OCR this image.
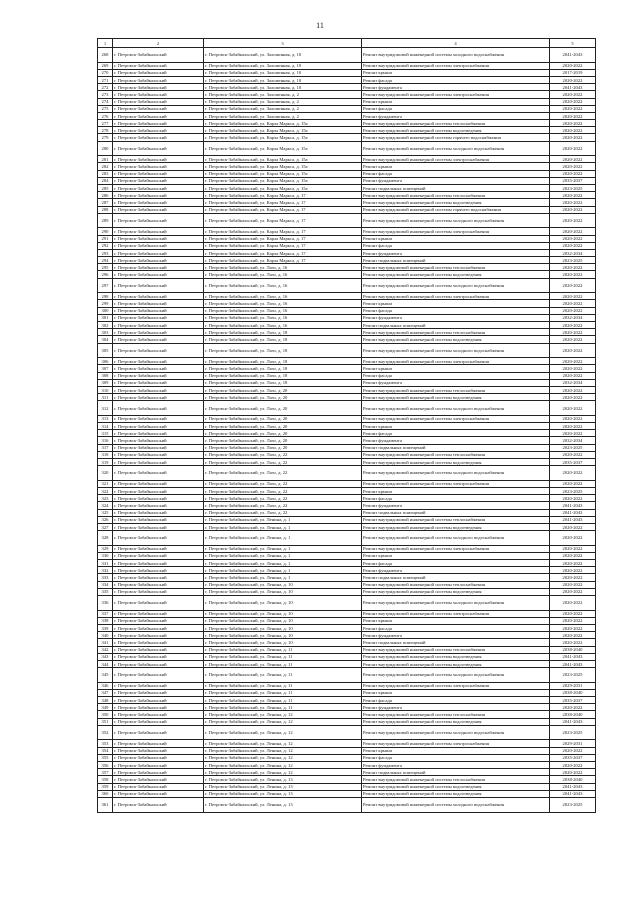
11
1	2	3	4	5
268	г. Петровск-Забайкальский	г. Петровск-Забайкальский, ул. Заложенная, д. 10	Ремонт внутридомовой инженерной системы холодного водоснабжения	2041-2043
269	г. Петровск-Забайкальский	г. Петровск-Забайкальский, ул. Заложенная, д. 10	Ремонт внутридомовой инженерной системы электроснабжения	2020-2022
270	г. Петровск-Забайкальский	г. Петровск-Забайкальский, ул. Заложенная, д. 10	Ремонт крыши	2017-2019
271	г. Петровск-Забайкальский	г. Петровск-Забайкальский, ул. Заложенная, д. 10	Ремонт фасада	2020-2022
272	г. Петровск-Забайкальский	г. Петровск-Забайкальский, ул. Заложенная, д. 10	Ремонт фундамента	2041-2043
273	г. Петровск-Забайкальский	г. Петровск-Забайкальский, ул. Заложенная, д. 2	Ремонт внутридомовой инженерной системы электроснабжения	2020-2022
274	г. Петровск-Забайкальский	г. Петровск-Забайкальский, ул. Заложенная, д. 2	Ремонт крыши	2020-2022
275	г. Петровск-Забайкальский	г. Петровск-Забайкальский, ул. Заложенная, д. 2	Ремонт фасада	2020-2022
276	г. Петровск-Забайкальский	г. Петровск-Забайкальский, ул. Заложенная, д. 2	Ремонт фундамента	2020-2022
277	г. Петровск-Забайкальский	г. Петровск-Забайкальский, ул. Карла Маркса, д. 15а	Ремонт внутридомовой инженерной системы теплоснабжения	2020-2022
278	г. Петровск-Забайкальский	г. Петровск-Забайкальский, ул. Карла Маркса, д. 15а	Ремонт внутридомовой инженерной системы водоотведения	2020-2022
279	г. Петровск-Забайкальский	г. Петровск-Забайкальский, ул. Карла Маркса, д. 15а	Ремонт внутридомовой инженерной системы горячего водоснабжения	2020-2022
280	г. Петровск-Забайкальский	г. Петровск-Забайкальский, ул. Карла Маркса, д. 15а	Ремонт внутридомовой инженерной системы холодного водоснабжения	2020-2022
281	г. Петровск-Забайкальский	г. Петровск-Забайкальский, ул. Карла Маркса, д. 15а	Ремонт внутридомовой инженерной системы электроснабжения	2020-2022
282	г. Петровск-Забайкальский	г. Петровск-Забайкальский, ул. Карла Маркса, д. 15а	Ремонт крыши	2020-2022
283	г. Петровск-Забайкальский	г. Петровск-Забайкальский, ул. Карла Маркса, д. 15а	Ремонт фасада	2020-2022
284	г. Петровск-Забайкальский	г. Петровск-Забайкальский, ул. Карла Маркса, д. 15а	Ремонт фундамента	2035-2037
285	г. Петровск-Забайкальский	г. Петровск-Забайкальский, ул. Карла Маркса, д. 15а	Ремонт подвальных помещений	2023-2025
286	г. Петровск-Забайкальский	г. Петровск-Забайкальский, ул. Карла Маркса, д. 17	Ремонт внутридомовой инженерной системы теплоснабжения	2020-2022
287	г. Петровск-Забайкальский	г. Петровск-Забайкальский, ул. Карла Маркса, д. 17	Ремонт внутридомовой инженерной системы водоотведения	2020-2022
288	г. Петровск-Забайкальский	г. Петровск-Забайкальский, ул. Карла Маркса, д. 17	Ремонт внутридомовой инженерной системы горячего водоснабжения	2020-2022
289	г. Петровск-Забайкальский	г. Петровск-Забайкальский, ул. Карла Маркса, д. 17	Ремонт внутридомовой инженерной системы холодного водоснабжения	2020-2022
290	г. Петровск-Забайкальский	г. Петровск-Забайкальский, ул. Карла Маркса, д. 17	Ремонт внутридомовой инженерной системы электроснабжения	2020-2022
291	г. Петровск-Забайкальский	г. Петровск-Забайкальский, ул. Карла Маркса, д. 17	Ремонт крыши	2020-2022
292	г. Петровск-Забайкальский	г. Петровск-Забайкальский, ул. Карла Маркса, д. 17	Ремонт фасада	2020-2022
293	г. Петровск-Забайкальский	г. Петровск-Забайкальский, ул. Карла Маркса, д. 17	Ремонт фундамента	2032-2034
294	г. Петровск-Забайкальский	г. Петровск-Забайкальский, ул. Карла Маркса, д. 17	Ремонт подвальных помещений	2023-2025
295	г. Петровск-Забайкальский	г. Петровск-Забайкальский, ул. Лазо, д. 16	Ремонт внутридомовой инженерной системы теплоснабжения	2020-2022
296	г. Петровск-Забайкальский	г. Петровск-Забайкальский, ул. Лазо, д. 16	Ремонт внутридомовой инженерной системы водоотведения	2020-2022
297	г. Петровск-Забайкальский	г. Петровск-Забайкальский, ул. Лазо, д. 16	Ремонт внутридомовой инженерной системы холодного водоснабжения	2020-2022
298	г. Петровск-Забайкальский	г. Петровск-Забайкальский, ул. Лазо, д. 16	Ремонт внутридомовой инженерной системы электроснабжения	2020-2022
299	г. Петровск-Забайкальский	г. Петровск-Забайкальский, ул. Лазо, д. 16	Ремонт крыши	2020-2022
300	г. Петровск-Забайкальский	г. Петровск-Забайкальский, ул. Лазо, д. 16	Ремонт фасада	2020-2022
301	г. Петровск-Забайкальский	г. Петровск-Забайкальский, ул. Лазо, д. 16	Ремонт фундамента	2032-2034
302	г. Петровск-Забайкальский	г. Петровск-Забайкальский, ул. Лазо, д. 16	Ремонт подвальных помещений	2020-2022
303	г. Петровск-Забайкальский	г. Петровск-Забайкальский, ул. Лазо, д. 18	Ремонт внутридомовой инженерной системы теплоснабжения	2020-2022
304	г. Петровск-Забайкальский	г. Петровск-Забайкальский, ул. Лазо, д. 18	Ремонт внутридомовой инженерной системы водоотведения	2020-2022
305	г. Петровск-Забайкальский	г. Петровск-Забайкальский, ул. Лазо, д. 18	Ремонт внутридомовой инженерной системы холодного водоснабжения	2020-2022
306	г. Петровск-Забайкальский	г. Петровск-Забайкальский, ул. Лазо, д. 18	Ремонт внутридомовой инженерной системы электроснабжения	2020-2022
307	г. Петровск-Забайкальский	г. Петровск-Забайкальский, ул. Лазо, д. 18	Ремонт крыши	2020-2022
308	г. Петровск-Забайкальский	г. Петровск-Забайкальский, ул. Лазо, д. 18	Ремонт фасада	2020-2022
309	г. Петровск-Забайкальский	г. Петровск-Забайкальский, ул. Лазо, д. 18	Ремонт фундамента	2032-2034
310	г. Петровск-Забайкальский	г. Петровск-Забайкальский, ул. Лазо, д. 20	Ремонт внутридомовой инженерной системы теплоснабжения	2020-2022
311	г. Петровск-Забайкальский	г. Петровск-Забайкальский, ул. Лазо, д. 20	Ремонт внутридомовой инженерной системы водоотведения	2020-2022
312	г. Петровск-Забайкальский	г. Петровск-Забайкальский, ул. Лазо, д. 20	Ремонт внутридомовой инженерной системы холодного водоснабжения	2020-2022
313	г. Петровск-Забайкальский	г. Петровск-Забайкальский, ул. Лазо, д. 20	Ремонт внутридомовой инженерной системы электроснабжения	2020-2022
314	г. Петровск-Забайкальский	г. Петровск-Забайкальский, ул. Лазо, д. 20	Ремонт крыши	2020-2022
315	г. Петровск-Забайкальский	г. Петровск-Забайкальский, ул. Лазо, д. 20	Ремонт фасада	2020-2022
316	г. Петровск-Забайкальский	г. Петровск-Забайкальский, ул. Лазо, д. 20	Ремонт фундамента	2032-2034
317	г. Петровск-Забайкальский	г. Петровск-Забайкальский, ул. Лазо, д. 20	Ремонт подвальных помещений	2023-2025
318	г. Петровск-Забайкальский	г. Петровск-Забайкальский, ул. Лазо, д. 22	Ремонт внутридомовой инженерной системы теплоснабжения	2020-2022
319	г. Петровск-Забайкальский	г. Петровск-Забайкальский, ул. Лазо, д. 22	Ремонт внутридомовой инженерной системы водоотведения	2035-2037
320	г. Петровск-Забайкальский	г. Петровск-Забайкальский, ул. Лазо, д. 22	Ремонт внутридомовой инженерной системы холодного водоснабжения	2020-2022
321	г. Петровск-Забайкальский	г. Петровск-Забайкальский, ул. Лазо, д. 22	Ремонт внутридомовой инженерной системы электроснабжения	2020-2022
322	г. Петровск-Забайкальский	г. Петровск-Забайкальский, ул. Лазо, д. 22	Ремонт крыши	2023-2025
323	г. Петровск-Забайкальский	г. Петровск-Забайкальский, ул. Лазо, д. 22	Ремонт фасада	2020-2022
324	г. Петровск-Забайкальский	г. Петровск-Забайкальский, ул. Лазо, д. 22	Ремонт фундамента	2041-2043
325	г. Петровск-Забайкальский	г. Петровск-Забайкальский, ул. Лазо, д. 22	Ремонт подвальных помещений	2041-2043
326	г. Петровск-Забайкальский	г. Петровск-Забайкальский, ул. Ленина, д. 1	Ремонт внутридомовой инженерной системы теплоснабжения	2041-2043
327	г. Петровск-Забайкальский	г. Петровск-Забайкальский, ул. Ленина, д. 1	Ремонт внутридомовой инженерной системы водоотведения	2020-2022
328	г. Петровск-Забайкальский	г. Петровск-Забайкальский, ул. Ленина, д. 1	Ремонт внутридомовой инженерной системы холодного водоснабжения	2020-2022
329	г. Петровск-Забайкальский	г. Петровск-Забайкальский, ул. Ленина, д. 1	Ремонт внутридомовой инженерной системы электроснабжения	2020-2022
330	г. Петровск-Забайкальский	г. Петровск-Забайкальский, ул. Ленина, д. 1	Ремонт крыши	2020-2022
331	г. Петровск-Забайкальский	г. Петровск-Забайкальский, ул. Ленина, д. 1	Ремонт фасада	2020-2022
332	г. Петровск-Забайкальский	г. Петровск-Забайкальский, ул. Ленина, д. 1	Ремонт фундамента	2020-2022
333	г. Петровск-Забайкальский	г. Петровск-Забайкальский, ул. Ленина, д. 1	Ремонт подвальных помещений	2020-2022
334	г. Петровск-Забайкальский	г. Петровск-Забайкальский, ул. Ленина, д. 10	Ремонт внутридомовой инженерной системы теплоснабжения	2020-2022
335	г. Петровск-Забайкальский	г. Петровск-Забайкальский, ул. Ленина, д. 10	Ремонт внутридомовой инженерной системы водоотведения	2020-2022
336	г. Петровск-Забайкальский	г. Петровск-Забайкальский, ул. Ленина, д. 10	Ремонт внутридомовой инженерной системы холодного водоснабжения	2020-2022
337	г. Петровск-Забайкальский	г. Петровск-Забайкальский, ул. Ленина, д. 10	Ремонт внутридомовой инженерной системы электроснабжения	2020-2022
338	г. Петровск-Забайкальский	г. Петровск-Забайкальский, ул. Ленина, д. 10	Ремонт крыши	2020-2022
339	г. Петровск-Забайкальский	г. Петровск-Забайкальский, ул. Ленина, д. 10	Ремонт фасада	2020-2022
340	г. Петровск-Забайкальский	г. Петровск-Забайкальский, ул. Ленина, д. 10	Ремонт фундамента	2020-2022
341	г. Петровск-Забайкальский	г. Петровск-Забайкальский, ул. Ленина, д. 10	Ремонт подвальных помещений	2020-2022
342	г. Петровск-Забайкальский	г. Петровск-Забайкальский, ул. Ленина, д. 11	Ремонт внутридомовой инженерной системы теплоснабжения	2038-2040
343	г. Петровск-Забайкальский	г. Петровск-Забайкальский, ул. Ленина, д. 11	Ремонт внутридомовой инженерной системы водоотведения	2041-2043
344	г. Петровск-Забайкальский	г. Петровск-Забайкальский, ул. Ленина, д. 11	Ремонт внутридомовой инженерной системы водоотведения	2041-2043
345	г. Петровск-Забайкальский	г. Петровск-Забайкальский, ул. Ленина, д. 11	Ремонт внутридомовой инженерной системы холодного водоснабжения	2023-2025
346	г. Петровск-Забайкальский	г. Петровск-Забайкальский, ул. Ленина, д. 11	Ремонт внутридомовой инженерной системы электроснабжения	2029-2031
347	г. Петровск-Забайкальский	г. Петровск-Забайкальский, ул. Ленина, д. 11	Ремонт крыши	2038-2040
348	г. Петровск-Забайкальский	г. Петровск-Забайкальский, ул. Ленина, д. 11	Ремонт фасада	2035-2037
349	г. Петровск-Забайкальский	г. Петровск-Забайкальский, ул. Ленина, д. 11	Ремонт фундамента	2020-2022
350	г. Петровск-Забайкальский	г. Петровск-Забайкальский, ул. Ленина, д. 12	Ремонт внутридомовой инженерной системы теплоснабжения	2038-2040
351	г. Петровск-Забайкальский	г. Петровск-Забайкальский, ул. Ленина, д. 12	Ремонт внутридомовой инженерной системы водоотведения	2041-2043
352	г. Петровск-Забайкальский	г. Петровск-Забайкальский, ул. Ленина, д. 12	Ремонт внутридомовой инженерной системы холодного водоснабжения	2023-2025
353	г. Петровск-Забайкальский	г. Петровск-Забайкальский, ул. Ленина, д. 12	Ремонт внутридомовой инженерной системы электроснабжения	2029-2031
354	г. Петровск-Забайкальский	г. Петровск-Забайкальский, ул. Ленина, д. 12	Ремонт крыши	2020-2022
355	г. Петровск-Забайкальский	г. Петровск-Забайкальский, ул. Ленина, д. 12	Ремонт фасада	2035-2037
356	г. Петровск-Забайкальский	г. Петровск-Забайкальский, ул. Ленина, д. 12	Ремонт фундамента	2020-2022
357	г. Петровск-Забайкальский	г. Петровск-Забайкальский, ул. Ленина, д. 12	Ремонт подвальных помещений	2020-2022
358	г. Петровск-Забайкальский	г. Петровск-Забайкальский, ул. Ленина, д. 13	Ремонт внутридомовой инженерной системы теплоснабжения	2038-2040
359	г. Петровск-Забайкальский	г. Петровск-Забайкальский, ул. Ленина, д. 13	Ремонт внутридомовой инженерной системы водоотведения	2041-2043
360	г. Петровск-Забайкальский	г. Петровск-Забайкальский, ул. Ленина, д. 13	Ремонт внутридомовой инженерной системы водоотведения	2041-2043
361	г. Петровск-Забайкальский	г. Петровск-Забайкальский, ул. Ленина, д. 13	Ремонт внутридомовой инженерной системы холодного водоснабжения	2023-2025
